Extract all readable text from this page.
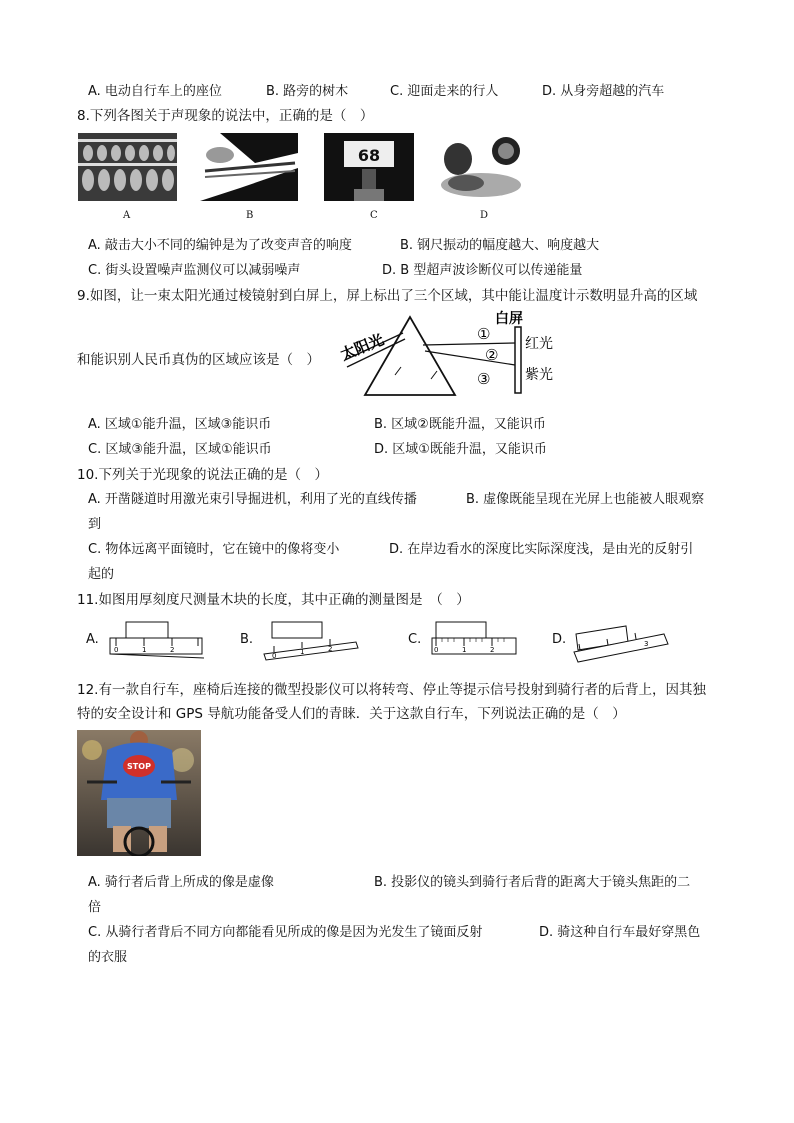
A. 电动自行车上的座位	B. 路旁的树木	C. 迎面走来的行人	D. 从身旁超越的汽车
8.下列各图关于声现象的说法中，正确的是（　）
68
A	B	C	D
A. 敲击大小不同的编钟是为了改变声音的响度	B. 钢尺振动的幅度越大、响度越大
C. 街头设置噪声监测仪可以减弱噪声	D. B 型超声波诊断仪可以传递能量
9.如图，让一束太阳光通过棱镜射到白屏上，屏上标出了三个区域，其中能让温度计示数明显升高的区域
和能识别人民币真伪的区域应该是（　） 太阳光
白屏
①
②
③
红光
紫光
A. 区域①能升温，区域③能识币	B. 区域②既能升温，又能识币
C. 区域③能升温，区域①能识币	D. 区域①既能升温，又能识币
10.下列关于光现象的说法正确的是（　）
A. 开凿隧道时用激光束引导掘进机，利用了光的直线传播	B. 虚像既能呈现在光屏上也能被人眼观察
到
C. 物体远离平面镜时，它在镜中的像将变小	D. 在岸边看水的深度比实际深度浅，是由光的反射引
起的
11.如图用厚刻度尺测量木块的长度，其中正确的测量图是　（　）
A.
0	1	2
B.
0	1	2
C.
0	1	2
D.	3
12.有一款自行车，座椅后连接的微型投影仪可以将转弯、停止等提示信号投射到骑行者的后背上，因其独
特的安全设计和 GPS 导航功能备受人们的青睐．关于这款自行车，下列说法正确的是（　）
STOP
A. 骑行者后背上所成的像是虚像	B. 投影仪的镜头到骑行者后背的距离大于镜头焦距的二
倍
C. 从骑行者背后不同方向都能看见所成的像是因为光发生了镜面反射	D. 骑这种自行车最好穿黑色
的衣服
